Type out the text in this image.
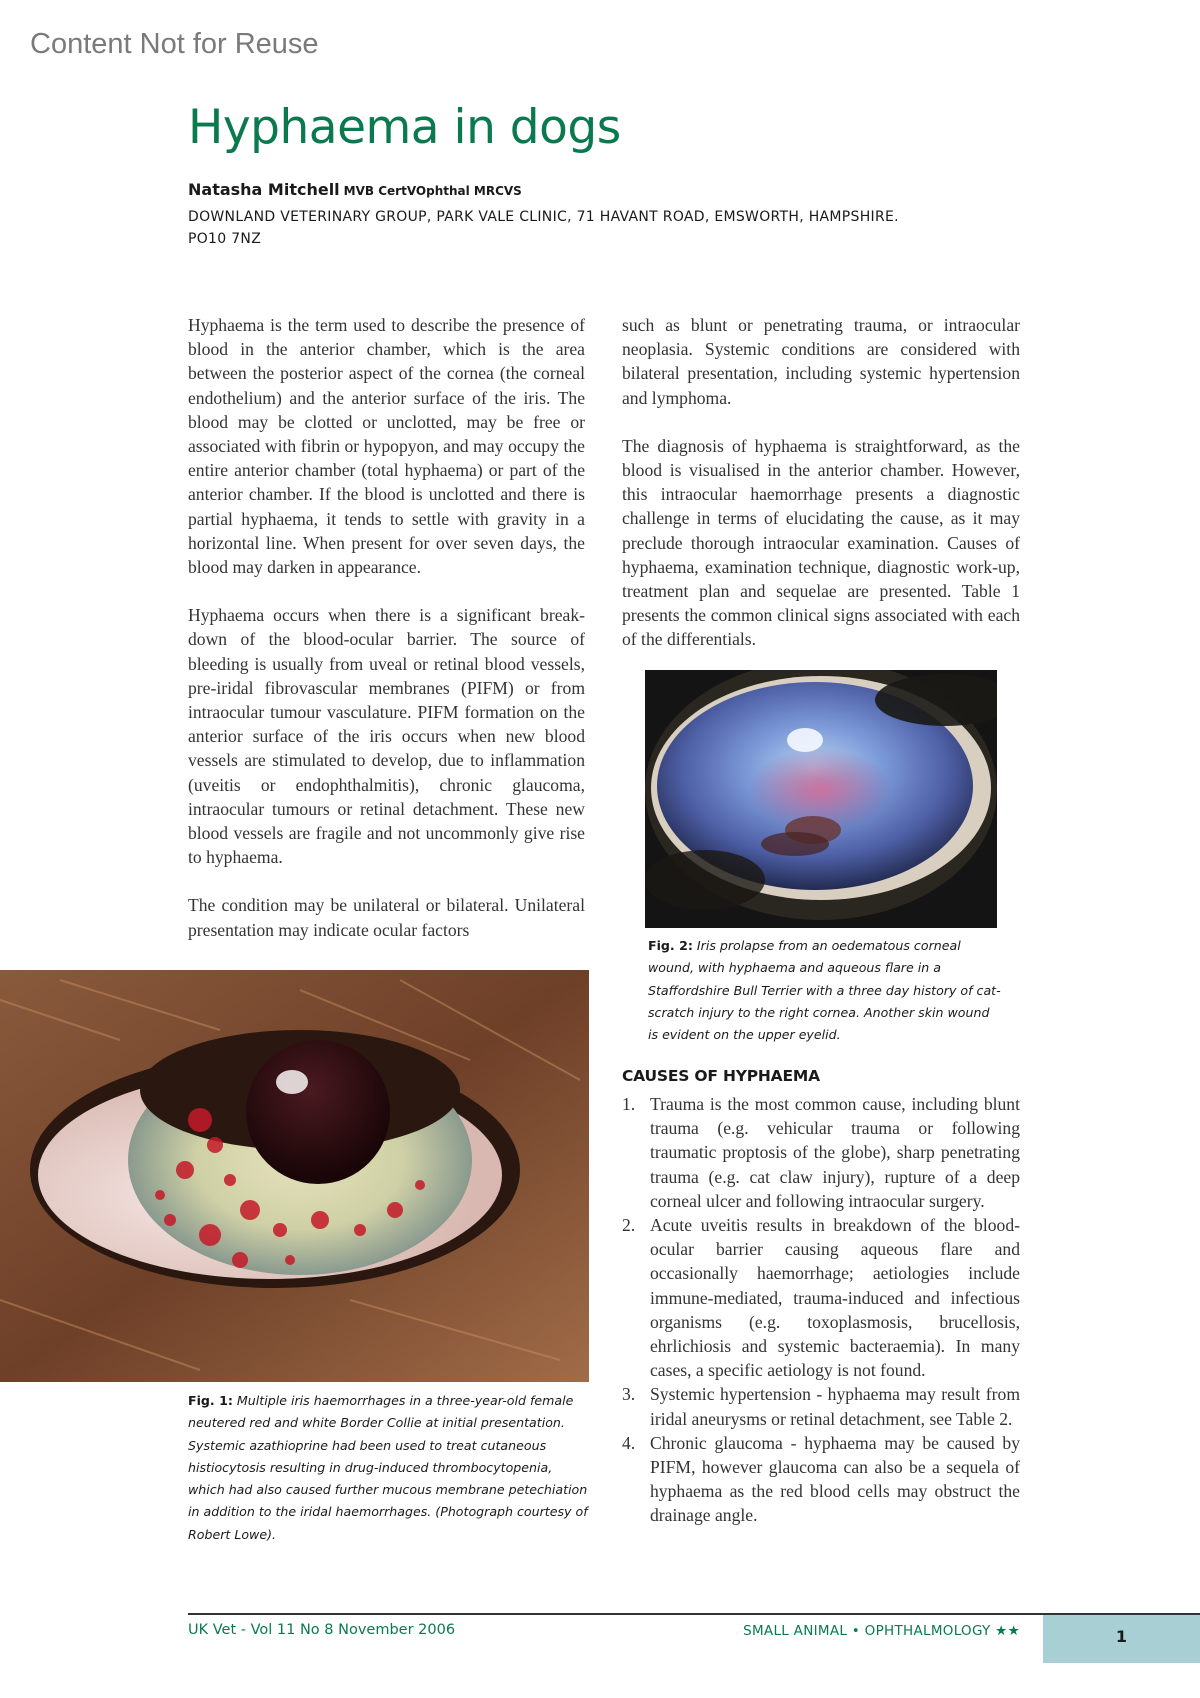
Content Not for Reuse
Hyphaema in dogs
Natasha Mitchell MVB CertVOphthal MRCVS
DOWNLAND VETERINARY GROUP, PARK VALE CLINIC, 71 HAVANT ROAD, EMSWORTH, HAMPSHIRE. PO10 7NZ

Hyphaema is the term used to describe the presence of blood in the anterior chamber, which is the area between the posterior aspect of the cornea (the corneal endothelium) and the anterior surface of the iris. The blood may be clotted or unclotted, may be free or associated with fibrin or hypopyon, and may occupy the entire anterior chamber (total hyphaema) or part of the anterior chamber. If the blood is unclotted and there is partial hyphaema, it tends to settle with gravity in a horizontal line. When present for over seven days, the blood may darken in appearance.

Hyphaema occurs when there is a significant break-down of the blood-ocular barrier. The source of bleeding is usually from uveal or retinal blood vessels, pre-iridal fibrovascular membranes (PIFM) or from intraocular tumour vasculature. PIFM formation on the anterior surface of the iris occurs when new blood vessels are stimulated to develop, due to inflammation (uveitis or endophthalmitis), chronic glaucoma, intraocular tumours or retinal detachment. These new blood vessels are fragile and not uncommonly give rise to hyphaema.

The condition may be unilateral or bilateral. Unilateral presentation may indicate ocular factors

such as blunt or penetrating trauma, or intraocular neoplasia. Systemic conditions are considered with bilateral presentation, including systemic hypertension and lymphoma.

The diagnosis of hyphaema is straightforward, as the blood is visualised in the anterior chamber. However, this intraocular haemorrhage presents a diagnostic challenge in terms of elucidating the cause, as it may preclude thorough intraocular examination. Causes of hyphaema, examination technique, diagnostic work-up, treatment plan and sequelae are presented. Table 1 presents the common clinical signs associated with each of the differentials.

Fig. 2: Iris prolapse from an oedematous corneal wound, with hyphaema and aqueous flare in a Staffordshire Bull Terrier with a three day history of cat-scratch injury to the right cornea. Another skin wound is evident on the upper eyelid.
Fig. 1: Multiple iris haemorrhages in a three-year-old female neutered red and white Border Collie at initial presentation. Systemic azathioprine had been used to treat cutaneous histiocytosis resulting in drug-induced thrombocytopenia, which had also caused further mucous membrane petechiation in addition to the iridal haemorrhages. (Photograph courtesy of Robert Lowe).
CAUSES OF HYPHAEMA
1. Trauma is the most common cause, including blunt trauma (e.g. vehicular trauma or following traumatic proptosis of the globe), sharp penetrating trauma (e.g. cat claw injury), rupture of a deep corneal ulcer and following intraocular surgery.
2. Acute uveitis results in breakdown of the blood-ocular barrier causing aqueous flare and occasionally haemorrhage; aetiologies include immune-mediated, trauma-induced and infectious organisms (e.g. toxoplasmosis, brucellosis, ehrlichiosis and systemic bacteraemia). In many cases, a specific aetiology is not found.
3. Systemic hypertension - hyphaema may result from iridal aneurysms or retinal detachment, see Table 2.
4. Chronic glaucoma - hyphaema may be caused by PIFM, however glaucoma can also be a sequela of hyphaema as the red blood cells may obstruct the drainage angle.
UK Vet - Vol 11 No 8 November 2006	SMALL ANIMAL • OPHTHALMOLOGY ★★	1
